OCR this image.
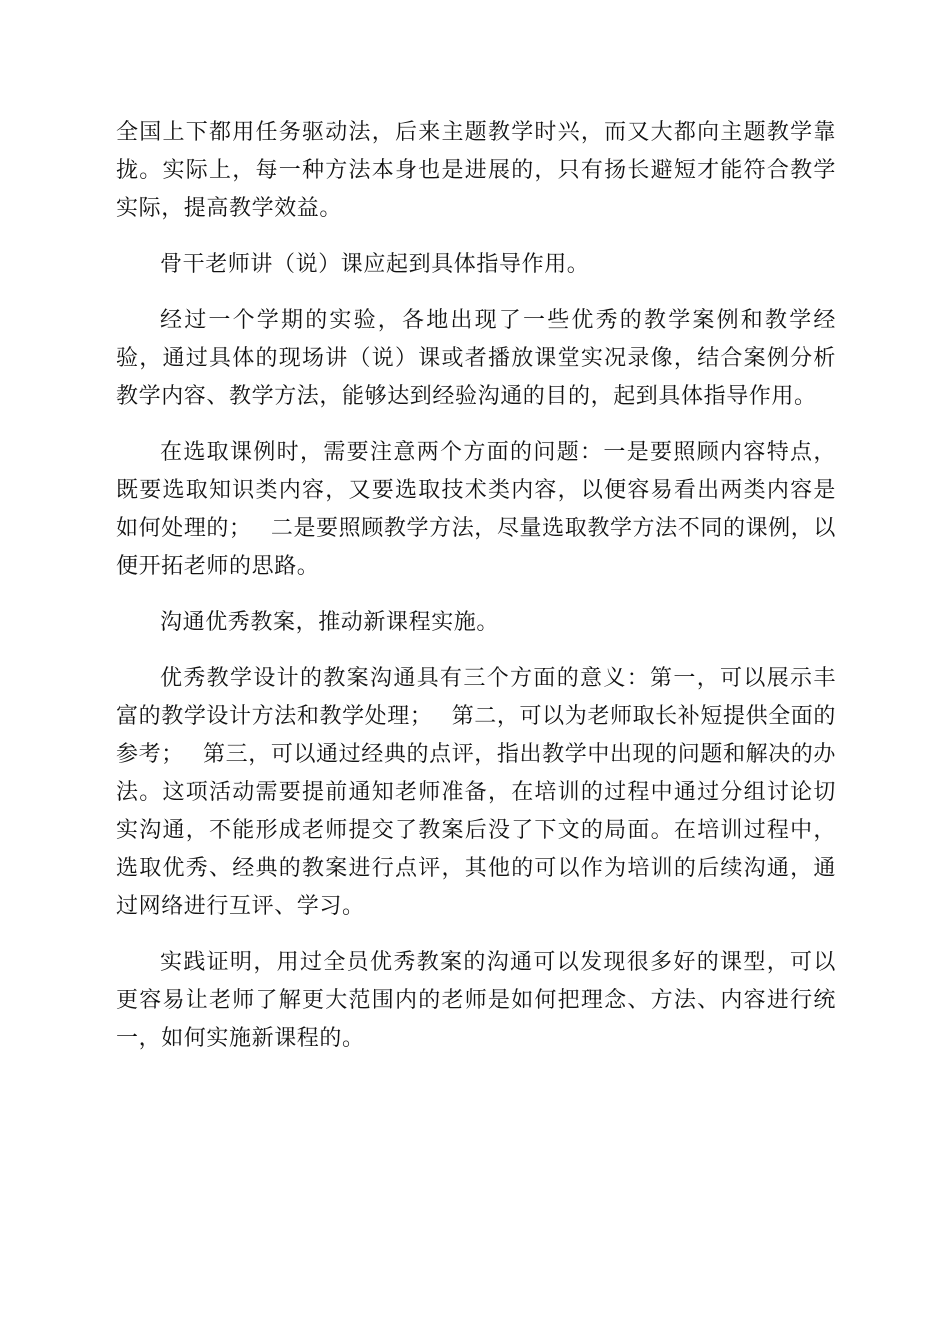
全国上下都用任务驱动法，后来主题教学时兴，而又大都向主题教学靠拢。实际上，每一种方法本身也是进展的，只有扬长避短才能符合教学实际，提高教学效益。

骨干老师讲（说）课应起到具体指导作用。

经过一个学期的实验，各地出现了一些优秀的教学案例和教学经验，通过具体的现场讲（说）课或者播放课堂实况录像，结合案例分析教学内容、教学方法，能够达到经验沟通的目的，起到具体指导作用。

在选取课例时，需要注意两个方面的问题：一是要照顾内容特点，既要选取知识类内容，又要选取技术类内容，以便容易看出两类内容是如何处理的；　 二是要照顾教学方法，尽量选取教学方法不同的课例，以便开拓老师的思路。

沟通优秀教案，推动新课程实施。

优秀教学设计的教案沟通具有三个方面的意义：第一，可以展示丰富的教学设计方法和教学处理；　 第二，可以为老师取长补短提供全面的参考；　 第三，可以通过经典的点评，指出教学中出现的问题和解决的办法。这项活动需要提前通知老师准备，在培训的过程中通过分组讨论切实沟通，不能形成老师提交了教案后没了下文的局面。在培训过程中，选取优秀、经典的教案进行点评，其他的可以作为培训的后续沟通，通过网络进行互评、学习。

实践证明，用过全员优秀教案的沟通可以发现很多好的课型，可以更容易让老师了解更大范围内的老师是如何把理念、方法、内容进行统一，如何实施新课程的。
